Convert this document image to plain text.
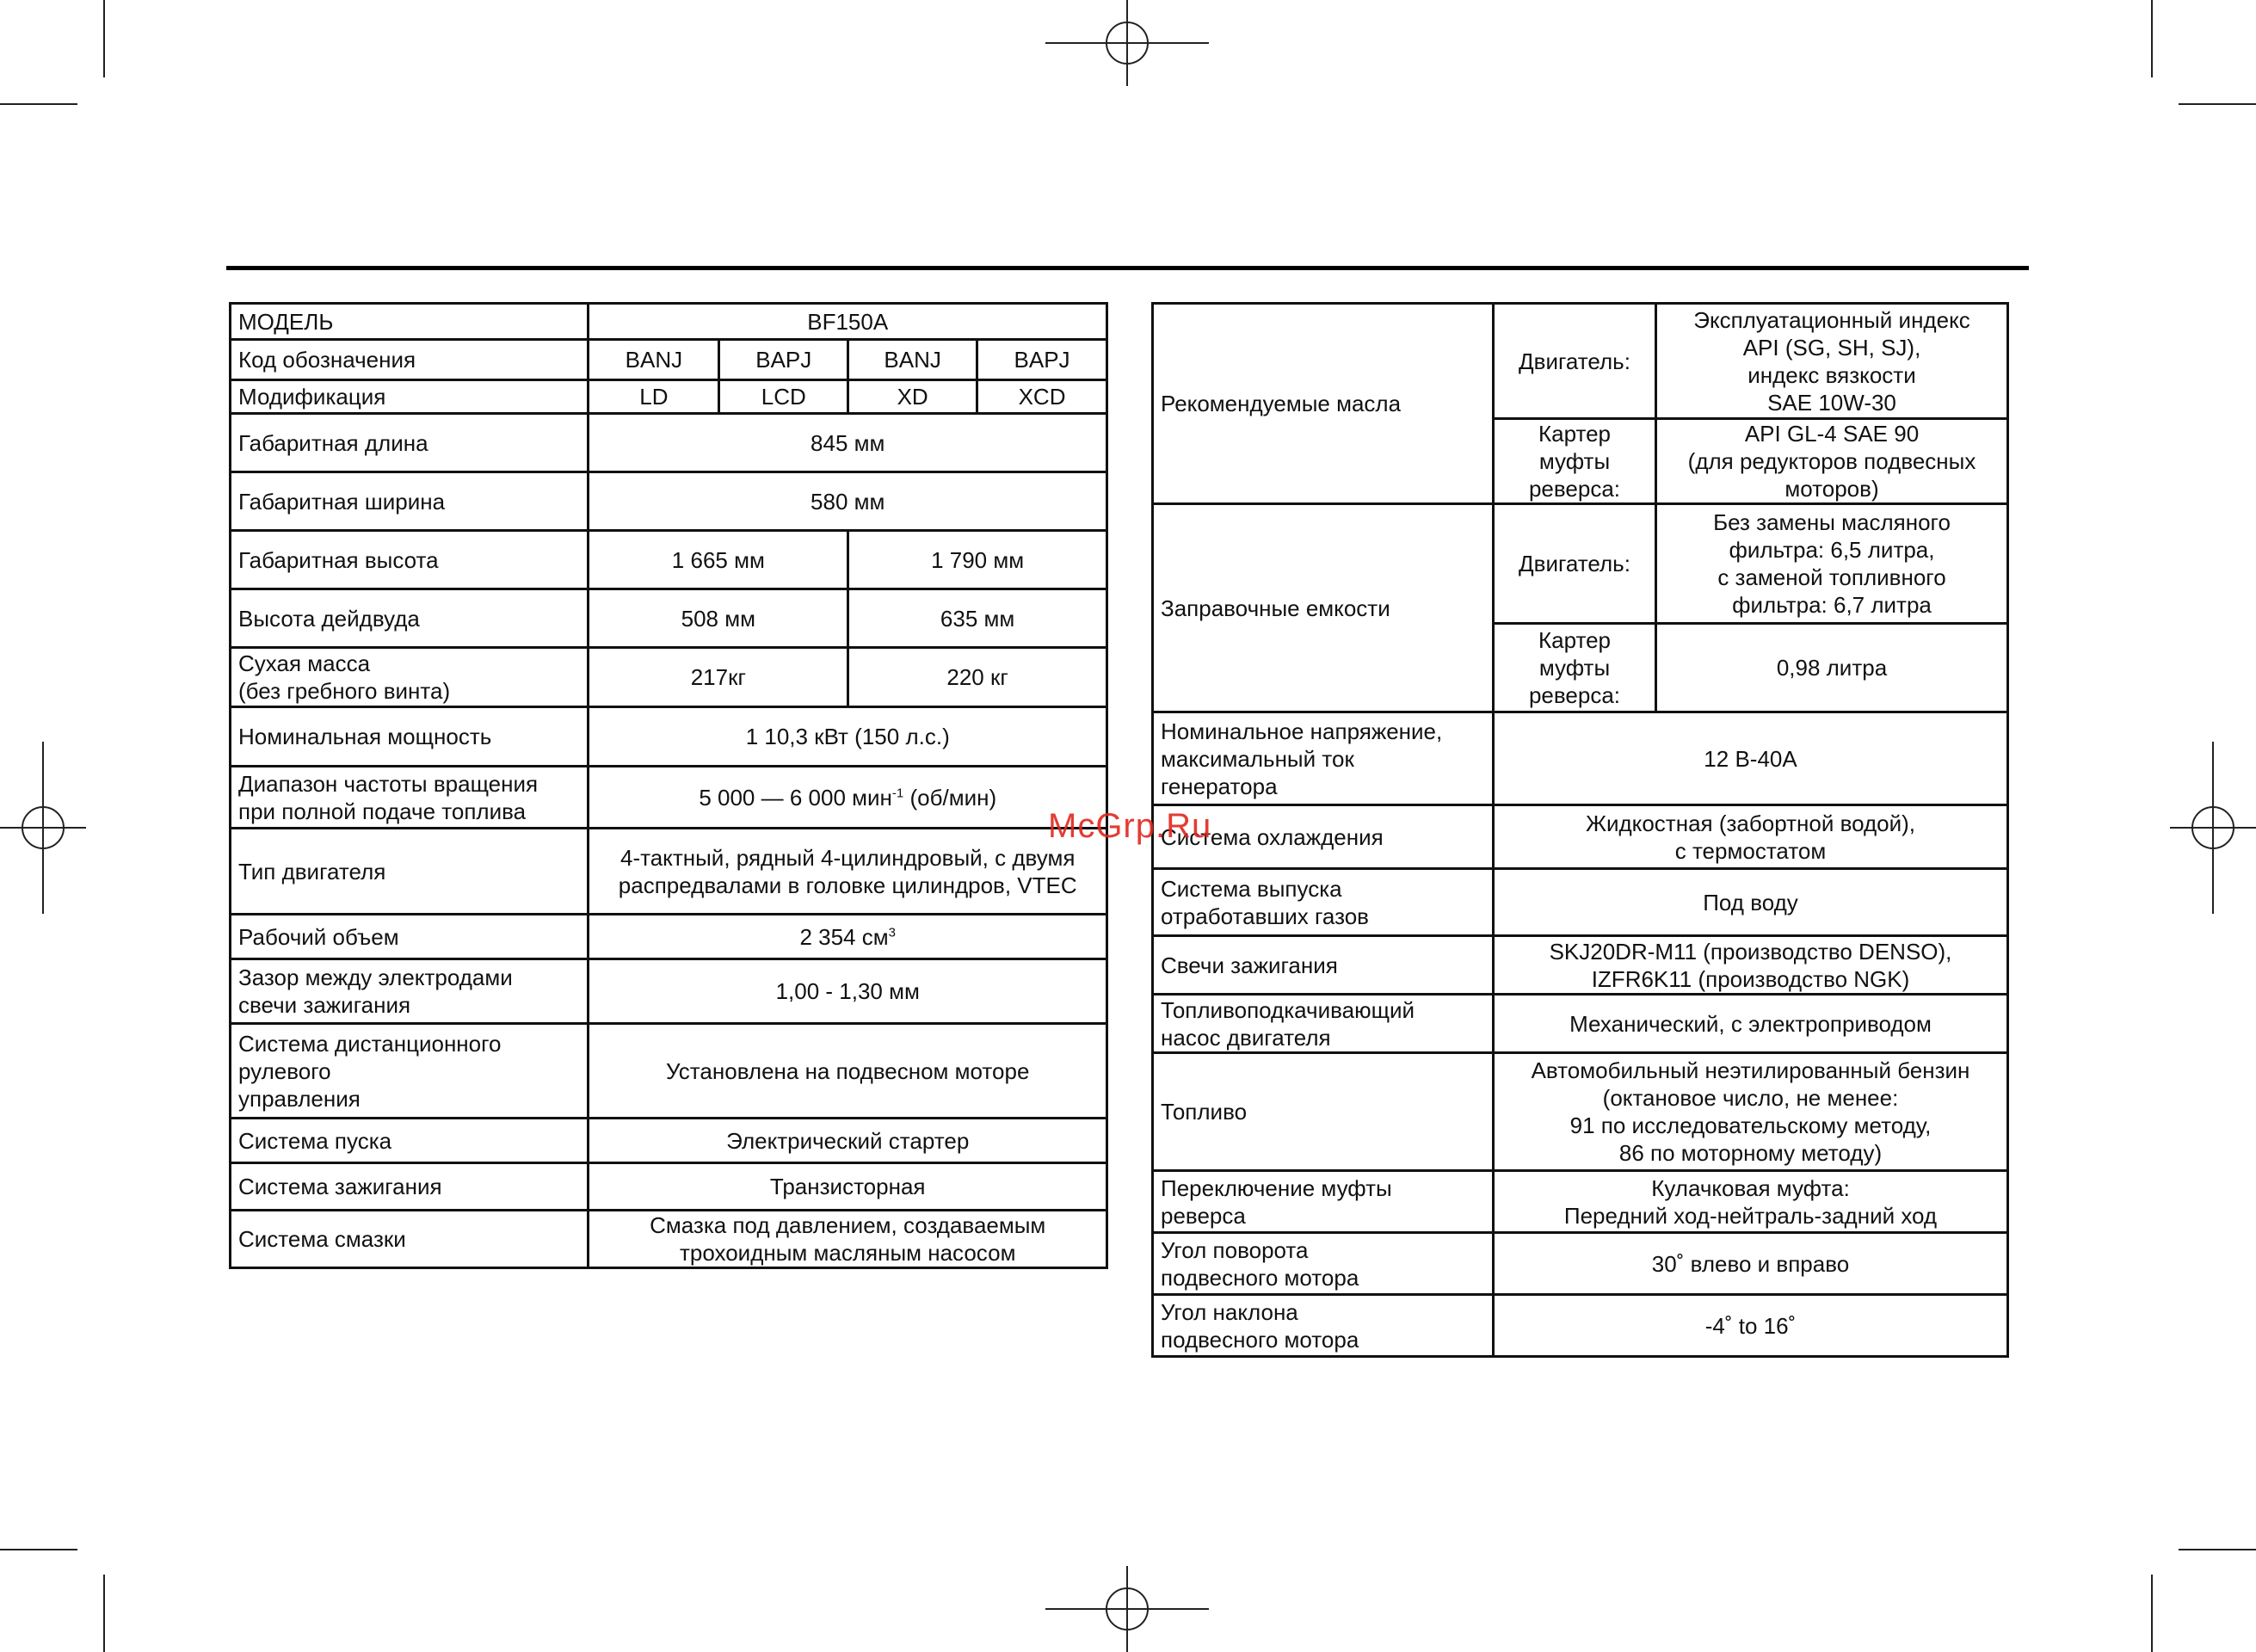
МОДЕЛЬ	BF150A			
Код обозначения	BANJ	BAPJ	BANJ	BAPJ
Модификация	LD	LCD	XD	XCD
Габаритная длина	845 мм			
Габаритная ширина	580 мм			
Габаритная высота	1 665 мм		1 790 мм	
Высота дейдвуда	508 мм		635 мм	
Сухая масса
(без гребного винта)	217кг		220 кг	
Номинальная мощность	1 10,3 кВт (150 л.с.)			
Диапазон частоты вращения
при полной подаче топлива	5 000 — 6 000 мин$^{-1}$ (об/мин)			
Тип двигателя	4-тактный, рядный 4-цилиндровый, с двумя
распредвалами в головке цилиндров, VTEC			
Рабочий объем	2 354 $см^3$
Зазор между электродами
свечи зажигания	1,00 - 1,30 мм			
Система дистанционного
рулевого
управления	Установлена на подвесном моторе			
Система пуска	Электрический стартер			
Система зажигания	Транзисторная			
Система смазки	Смазка под давлением, создаваемым
трохоидным масляным насосом			
Рекомендуемые масла	Двигатель:	Эксплуатационный индекс
API (SG, SH, SJ),
индекс вязкости
SAE 10W-30
	Картер
муфты
реверса:	API GL-4 SAE 90
(для редукторов подвесных
моторов)
Заправочные емкости	Двигатель:	Без замены масляного
фильтра: 6,5 литра,
с заменой топливного
фильтра: 6,7 литра
	Картер
муфты
реверса:	0,98 литра
Номинальное напряжение,
максимальный ток
генератора	12 В-40А	
Система охлаждения	Жидкостная (забортной водой),
с термостатом	
Система выпуска
отработавших газов	Под воду	
Свечи зажигания	SKJ20DR-M11 (производство DENSO),
IZFR6K11 (производство NGK)	
Топливоподкачивающий
насос двигателя	Механический, с электроприводом	
Топливо	Автомобильный неэтилированный бензин
(октановое число, не менее:
91 по исследовательскому методу,
86 по моторному методу)	
Переключение муфты
реверса	Кулачковая муфта:
Передний ход-нейтраль-задний ход	
Угол поворота
подвесного мотора	30˚ влево и вправо	
Угол наклона
подвесного мотора	-4˚ to 16˚	
McGrp.Ru
